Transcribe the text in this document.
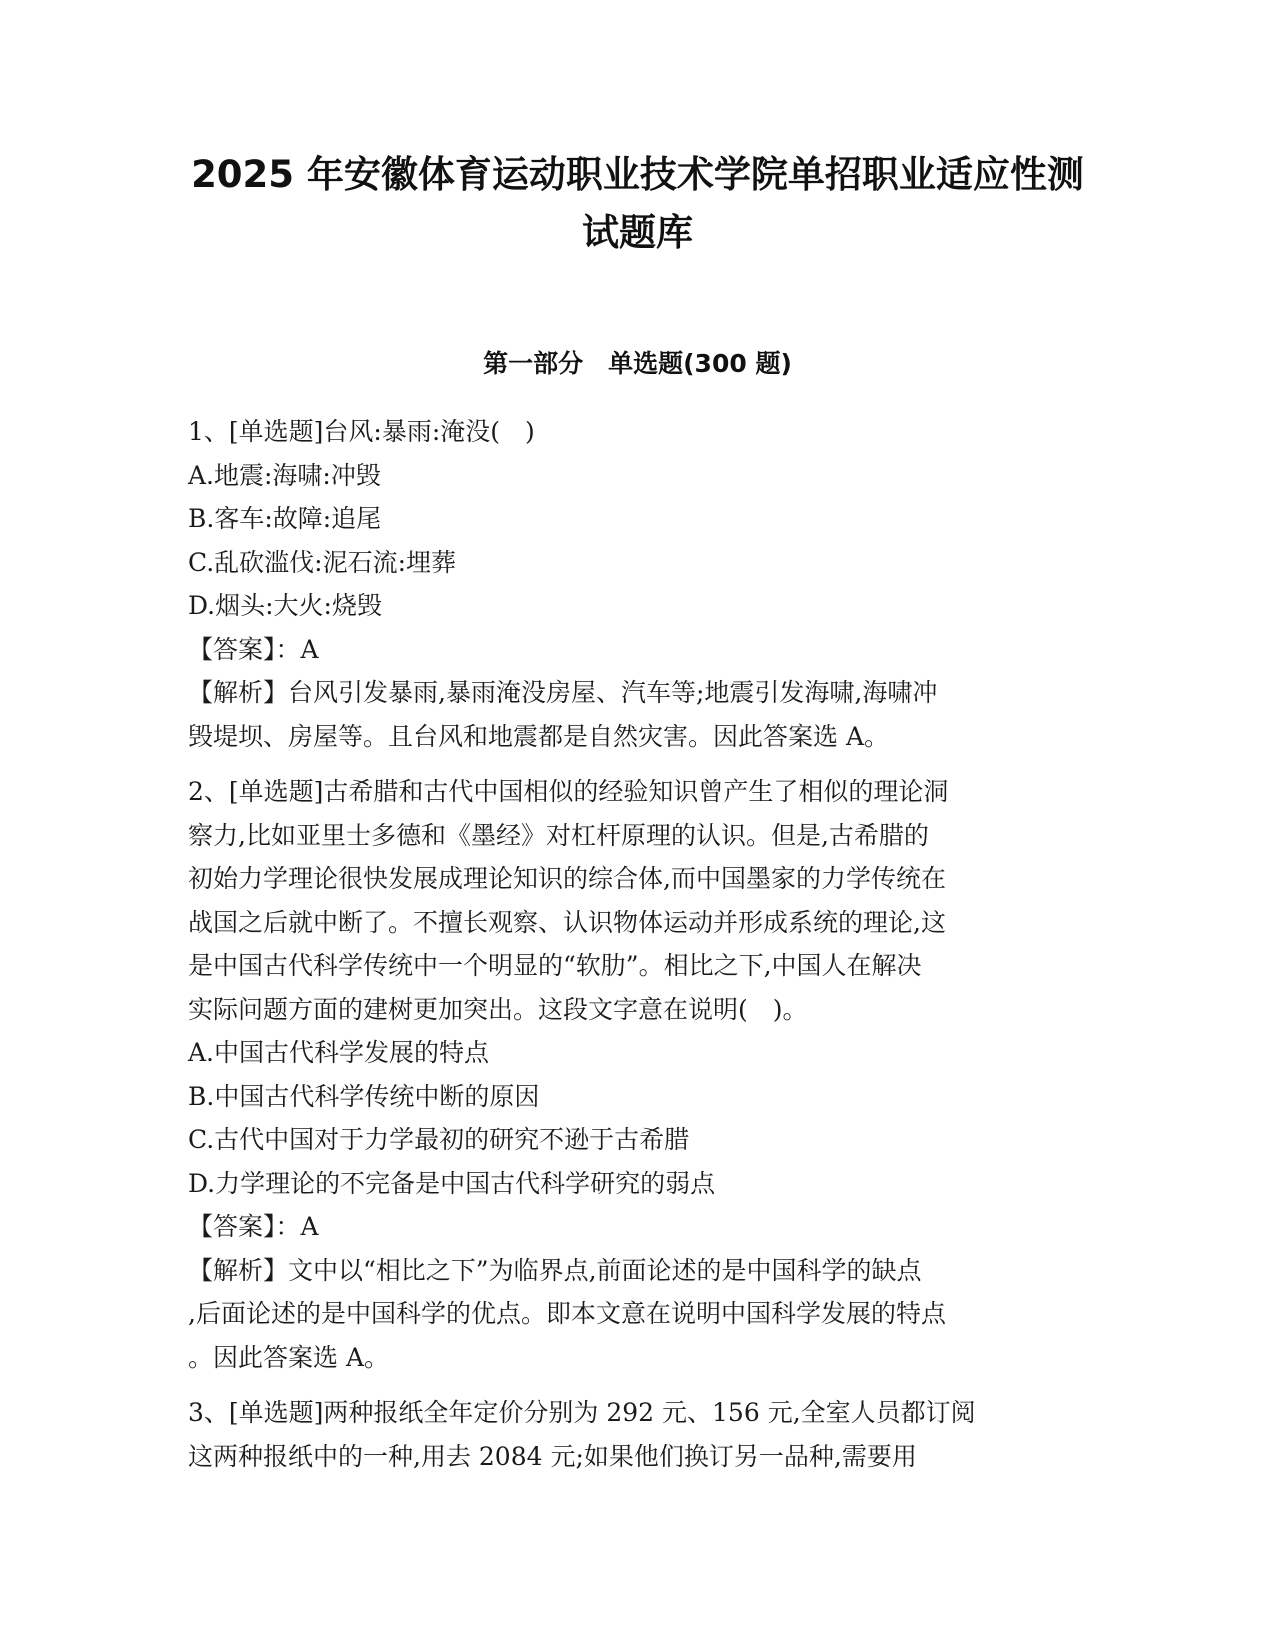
2025 年安徽体育运动职业技术学院单招职业适应性测
试题库
第一部分　单选题(300 题)

1、[单选题]台风:暴雨:淹没(　)

A.地震:海啸:冲毁

B.客车:故障:追尾

C.乱砍滥伐:泥石流:埋葬

D.烟头:大火:烧毁

【答案】：A

【解析】台风引发暴雨,暴雨淹没房屋、汽车等;地震引发海啸,海啸冲

毁堤坝、房屋等。且台风和地震都是自然灾害。因此答案选 A。

2、[单选题]古希腊和古代中国相似的经验知识曾产生了相似的理论洞

察力,比如亚里士多德和《墨经》对杠杆原理的认识。但是,古希腊的

初始力学理论很快发展成理论知识的综合体,而中国墨家的力学传统在

战国之后就中断了。不擅长观察、认识物体运动并形成系统的理论,这

是中国古代科学传统中一个明显的“软肋”。相比之下,中国人在解决

实际问题方面的建树更加突出。这段文字意在说明(　)。

A.中国古代科学发展的特点

B.中国古代科学传统中断的原因

C.古代中国对于力学最初的研究不逊于古希腊

D.力学理论的不完备是中国古代科学研究的弱点

【答案】：A

【解析】文中以“相比之下”为临界点,前面论述的是中国科学的缺点

,后面论述的是中国科学的优点。即本文意在说明中国科学发展的特点

。因此答案选 A。

3、[单选题]两种报纸全年定价分别为 292 元、156 元,全室人员都订阅

这两种报纸中的一种,用去 2084 元;如果他们换订另一品种,需要用
